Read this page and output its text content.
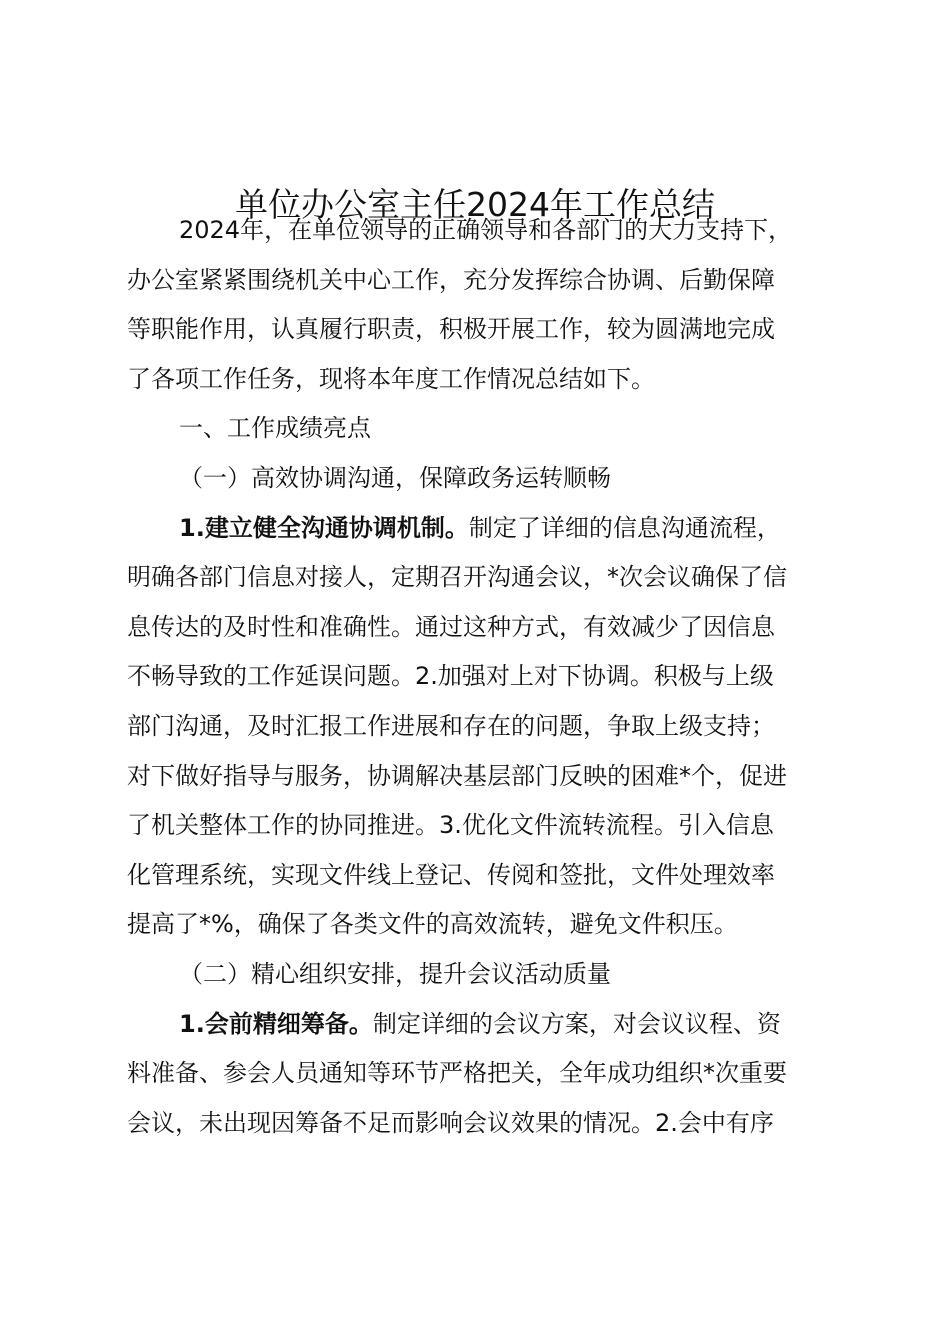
单位办公室主任2024年工作总结

2024年，在单位领导的正确领导和各部门的大力支持下，

办公室紧紧围绕机关中心工作，充分发挥综合协调、后勤保障

等职能作用，认真履行职责，积极开展工作，较为圆满地完成

了各项工作任务，现将本年度工作情况总结如下。

一、工作成绩亮点

（一）高效协调沟通，保障政务运转顺畅

1.建立健全沟通协调机制。制定了详细的信息沟通流程，

明确各部门信息对接人，定期召开沟通会议，*次会议确保了信

息传达的及时性和准确性。通过这种方式，有效减少了因信息

不畅导致的工作延误问题。2.加强对上对下协调。积极与上级

部门沟通，及时汇报工作进展和存在的问题，争取上级支持；

对下做好指导与服务，协调解决基层部门反映的困难*个，促进

了机关整体工作的协同推进。3.优化文件流转流程。引入信息

化管理系统，实现文件线上登记、传阅和签批，文件处理效率

提高了*%，确保了各类文件的高效流转，避免文件积压。

（二）精心组织安排，提升会议活动质量

1.会前精细筹备。制定详细的会议方案，对会议议程、资

料准备、参会人员通知等环节严格把关，全年成功组织*次重要

会议，未出现因筹备不足而影响会议效果的情况。2.会中有序
